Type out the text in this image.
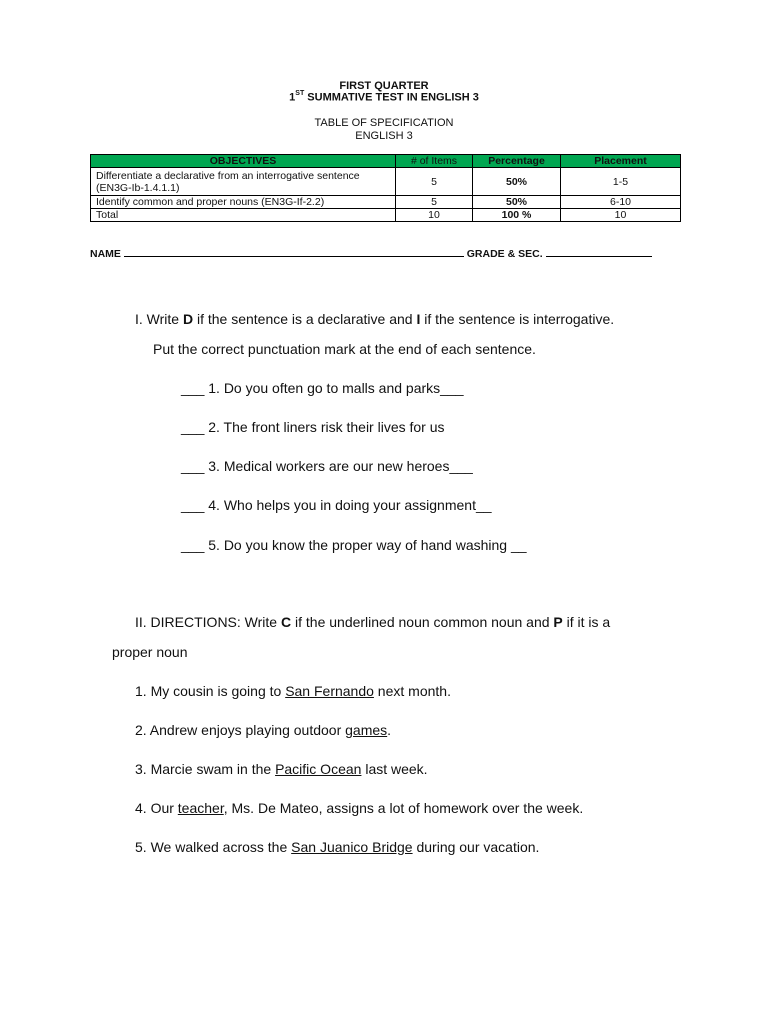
FIRST QUARTER
1ST SUMMATIVE TEST IN ENGLISH 3
TABLE OF SPECIFICATION
ENGLISH 3
OBJECTIVES	# of Items	Percentage	Placement
Differentiate a declarative from an interrogative sentence (EN3G-Ib-1.4.1.1)	5	50%	1-5
Identify common and proper nouns (EN3G-If-2.2)	5	50%	6-10
Total	10	100 %	10
NAME	GRADE & SEC.
I. Write D if the sentence is a declarative and I if the sentence is interrogative.
Put the correct punctuation mark at the end of each sentence.
___ 1. Do you often go to malls and parks___
___ 2. The front liners risk their lives for us
___ 3. Medical workers are our new heroes___
___ 4. Who helps you in doing your assignment__
___ 5. Do you know the proper way of hand washing __
II. DIRECTIONS: Write C if the underlined noun common noun and P if it is a
proper noun
1. My cousin is going to San Fernando next month.
2. Andrew enjoys playing outdoor games.
3. Marcie swam in the Pacific Ocean last week.
4. Our teacher, Ms. De Mateo, assigns a lot of homework over the week.
5. We walked across the San Juanico Bridge during our vacation.
